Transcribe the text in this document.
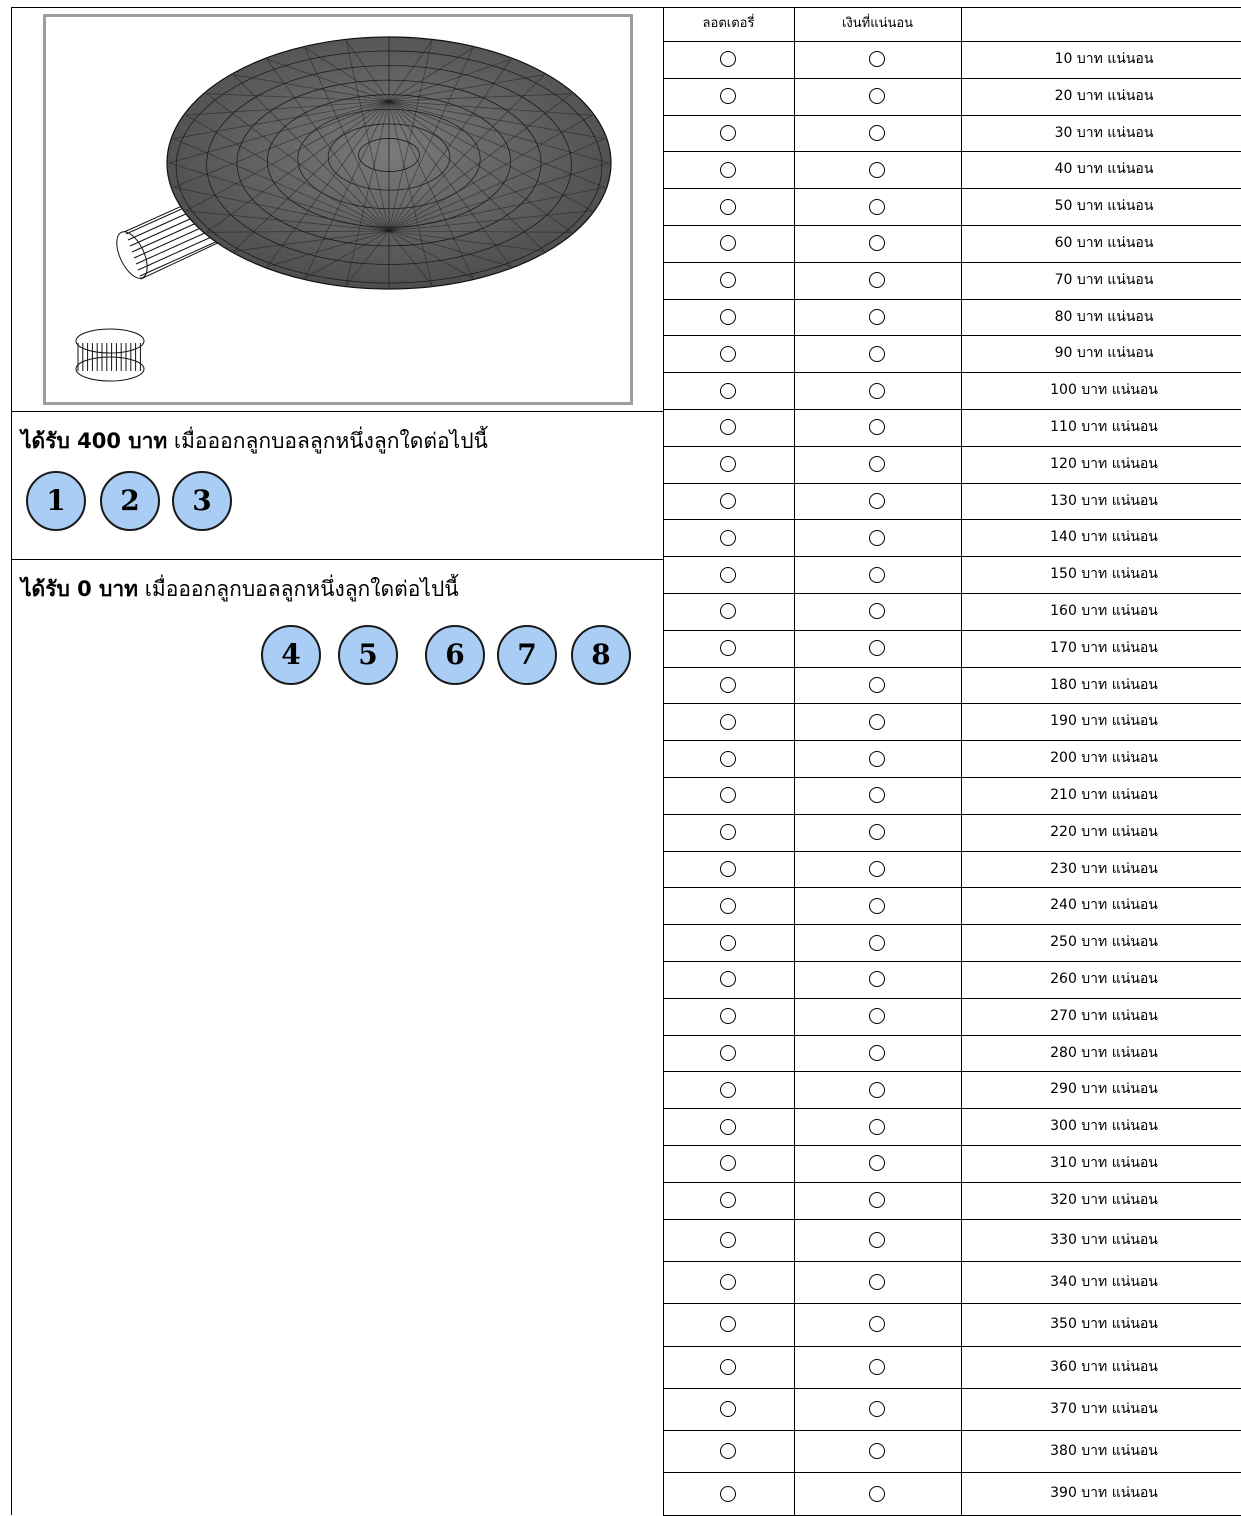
ได้รับ 400 บาท เมื่อออกลูกบอลลูกหนึ่งลูกใดต่อไปนี้
1	2	3
ได้รับ 0 บาท เมื่อออกลูกบอลลูกหนึ่งลูกใดต่อไปนี้
4	5	6	7	8
ลอตเตอรี่	เงินที่แน่นอน
10 บาท แน่นอน
20 บาท แน่นอน
30 บาท แน่นอน
40 บาท แน่นอน
50 บาท แน่นอน
60 บาท แน่นอน
70 บาท แน่นอน
80 บาท แน่นอน
90 บาท แน่นอน
100 บาท แน่นอน
110 บาท แน่นอน
120 บาท แน่นอน
130 บาท แน่นอน
140 บาท แน่นอน
150 บาท แน่นอน
160 บาท แน่นอน
170 บาท แน่นอน
180 บาท แน่นอน
190 บาท แน่นอน
200 บาท แน่นอน
210 บาท แน่นอน
220 บาท แน่นอน
230 บาท แน่นอน
240 บาท แน่นอน
250 บาท แน่นอน
260 บาท แน่นอน
270 บาท แน่นอน
280 บาท แน่นอน
290 บาท แน่นอน
300 บาท แน่นอน
310 บาท แน่นอน
320 บาท แน่นอน
330 บาท แน่นอน
340 บาท แน่นอน
350 บาท แน่นอน
360 บาท แน่นอน
370 บาท แน่นอน
380 บาท แน่นอน
390 บาท แน่นอน
